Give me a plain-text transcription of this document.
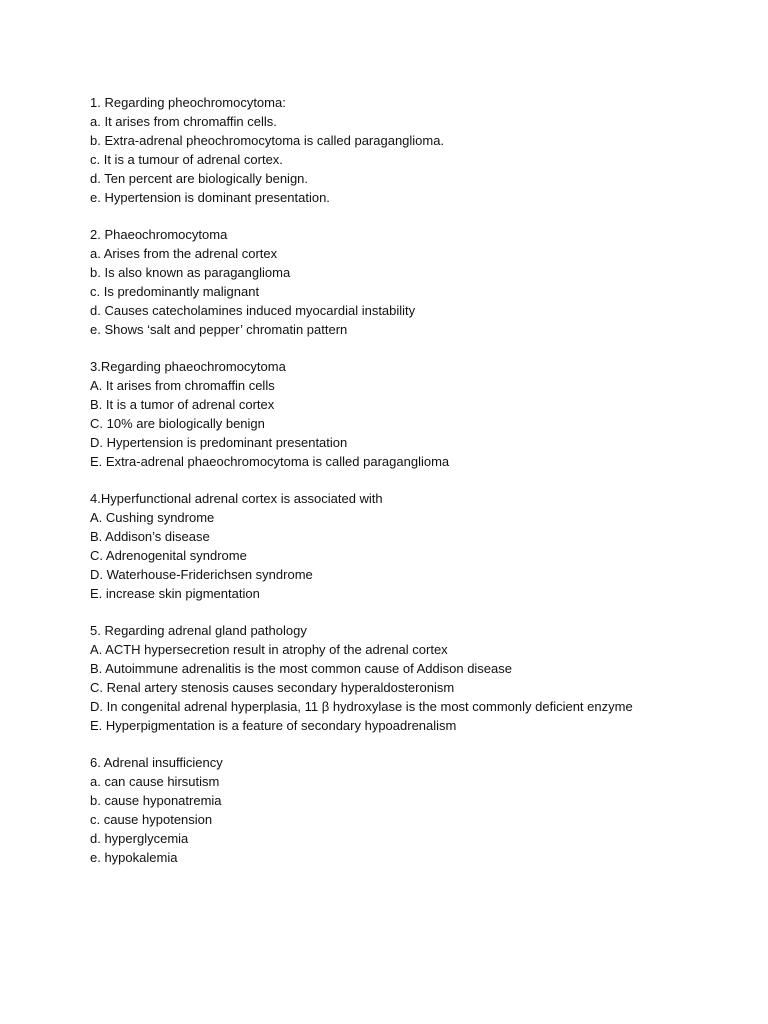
1. Regarding pheochromocytoma:
a. It arises from chromaffin cells.
b. Extra-adrenal pheochromocytoma is called paraganglioma.
c. It is a tumour of adrenal cortex.
d. Ten percent are biologically benign.
e. Hypertension is dominant presentation.
2. Phaeochromocytoma
a. Arises from the adrenal cortex
b. Is also known as paraganglioma
c. Is predominantly malignant
d. Causes catecholamines induced myocardial instability
e. Shows ‘salt and pepper’ chromatin pattern
3.Regarding phaeochromocytoma
A. It arises from chromaffin cells
B. It is a tumor of adrenal cortex
C. 10% are biologically benign
D. Hypertension is predominant presentation
E. Extra-adrenal phaeochromocytoma is called paraganglioma
4.Hyperfunctional adrenal cortex is associated with
A. Cushing syndrome
B. Addison’s disease
C. Adrenogenital syndrome
D. Waterhouse-Friderichsen syndrome
E. increase skin pigmentation
5. Regarding adrenal gland pathology
A. ACTH hypersecretion result in atrophy of the adrenal cortex
B. Autoimmune adrenalitis is the most common cause of Addison disease
C. Renal artery stenosis causes secondary hyperaldosteronism
D. In congenital adrenal hyperplasia, 11 β hydroxylase is the most commonly deficient enzyme
E. Hyperpigmentation is a feature of secondary hypoadrenalism
6. Adrenal insufficiency
a. can cause hirsutism
b. cause hyponatremia
c. cause hypotension
d. hyperglycemia
e. hypokalemia
